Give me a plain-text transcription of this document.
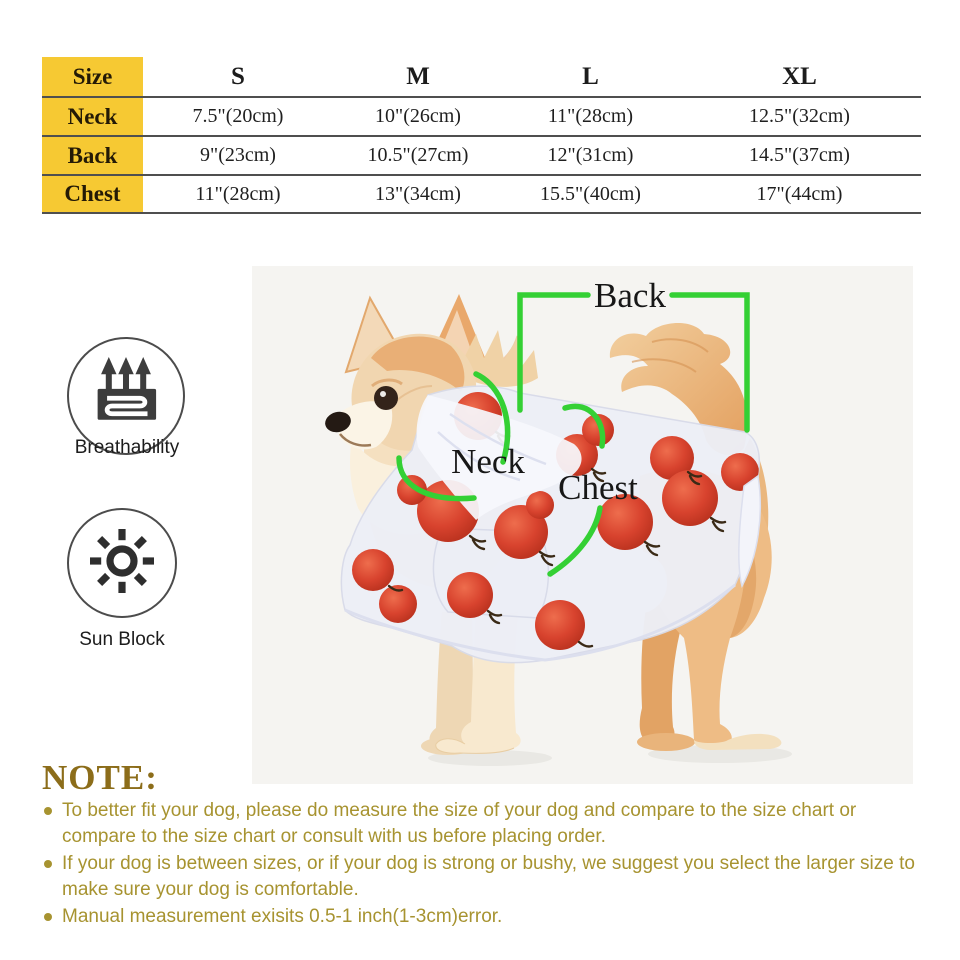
Size	S	M	L	XL
Neck	7.5"(20cm)	10"(26cm)	11"(28cm)	12.5"(32cm)
Back	9"(23cm)	10.5"(27cm)	12"(31cm)	14.5"(37cm)
Chest	11"(28cm)	13"(34cm)	15.5"(40cm)	17"(44cm)
Breathability
Sun Block
Back
Neck
Chest
NOTE:
To better fit your dog, please do measure the size of your dog and compare to the size chart or compare to the size chart or consult with us before placing order.
If your dog is between sizes, or if your dog is strong or bushy, we suggest you select the larger size to make sure your dog is comfortable.
Manual measurement exisits 0.5-1 inch(1-3cm)error.
